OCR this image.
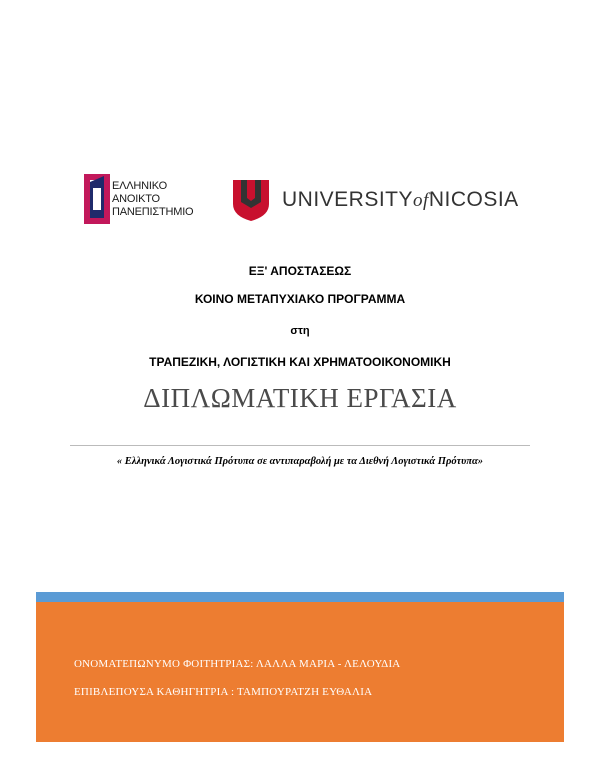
ΕΛΛΗΝΙΚΟ
ΑΝΟΙΚΤΟ
ΠΑΝΕΠΙΣΤΗΜΙΟ
UNIVERSITYofNICOSIA
ΕΞ' ΑΠΟΣΤΑΣΕΩΣ
ΚΟΙΝΟ ΜΕΤΑΠΥΧΙΑΚΟ ΠΡΟΓΡΑΜΜΑ
στη
ΤΡΑΠΕΖΙΚΗ, ΛΟΓΙΣΤΙΚΗ ΚΑΙ ΧΡΗΜΑΤΟΟΙΚΟΝΟΜΙΚΗ
ΔΙΠΛΩΜΑΤΙΚΗ ΕΡΓΑΣΙΑ
« Ελληνικά Λογιστικά Πρότυπα σε αντιπαραβολή με τα Διεθνή Λογιστικά Πρότυπα»
ΟΝΟΜΑΤΕΠΩΝΥΜΟ ΦΟΙΤΗΤΡΙΑΣ: ΛΑΛΛΑ ΜΑΡΙΑ - ΛΕΛΟΥΔΙΑ
ΕΠΙΒΛΕΠΟΥΣΑ ΚΑΘΗΓΗΤΡΙΑ : ΤΑΜΠΟΥΡΑΤΖΗ ΕΥΘΑΛΙΑ
